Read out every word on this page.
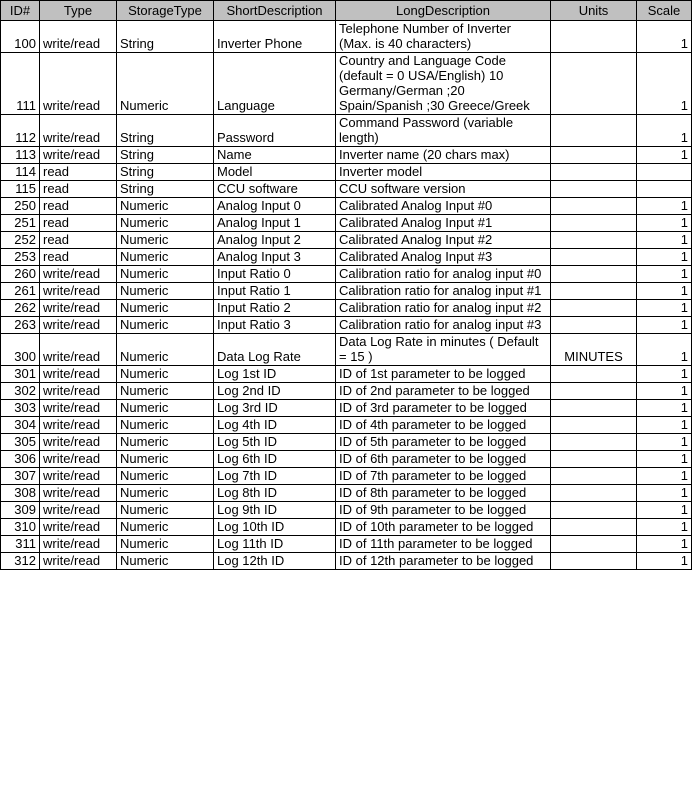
ID#	Type	StorageType	ShortDescription	LongDescription	Units	Scale
100	write/read	String	Inverter Phone	Telephone Number of Inverter (Max. is 40 characters)		1
111	write/read	Numeric	Language	Country and Language Code (default = 0 USA/English) 10 Germany/German ;20 Spain/Spanish ;30 Greece/Greek		1
112	write/read	String	Password	Command Password (variable length)		1
113	write/read	String	Name	Inverter name (20 chars max)		1
114	read	String	Model	Inverter model		
115	read	String	CCU software	CCU software version		
250	read	Numeric	Analog Input 0	Calibrated Analog Input #0		1
251	read	Numeric	Analog Input 1	Calibrated Analog Input #1		1
252	read	Numeric	Analog Input 2	Calibrated Analog Input #2		1
253	read	Numeric	Analog Input 3	Calibrated Analog Input #3		1
260	write/read	Numeric	Input Ratio 0	Calibration ratio for analog input #0		1
261	write/read	Numeric	Input Ratio 1	Calibration ratio for analog input #1		1
262	write/read	Numeric	Input Ratio 2	Calibration ratio for analog input #2		1
263	write/read	Numeric	Input Ratio 3	Calibration ratio for analog input #3		1
300	write/read	Numeric	Data Log Rate	Data Log Rate in minutes ( Default = 15 )	MINUTES	1
301	write/read	Numeric	Log 1st ID	ID of 1st parameter to be logged		1
302	write/read	Numeric	Log 2nd ID	ID of 2nd parameter to be logged		1
303	write/read	Numeric	Log 3rd ID	ID of 3rd parameter to be logged		1
304	write/read	Numeric	Log 4th ID	ID of 4th parameter to be logged		1
305	write/read	Numeric	Log 5th ID	ID of 5th parameter to be logged		1
306	write/read	Numeric	Log 6th ID	ID of 6th parameter to be logged		1
307	write/read	Numeric	Log 7th ID	ID of 7th parameter to be logged		1
308	write/read	Numeric	Log 8th ID	ID of 8th parameter to be logged		1
309	write/read	Numeric	Log 9th ID	ID of 9th parameter to be logged		1
310	write/read	Numeric	Log 10th ID	ID of 10th parameter to be logged		1
311	write/read	Numeric	Log 11th ID	ID of 11th parameter to be logged		1
312	write/read	Numeric	Log 12th ID	ID of 12th parameter to be logged		1
